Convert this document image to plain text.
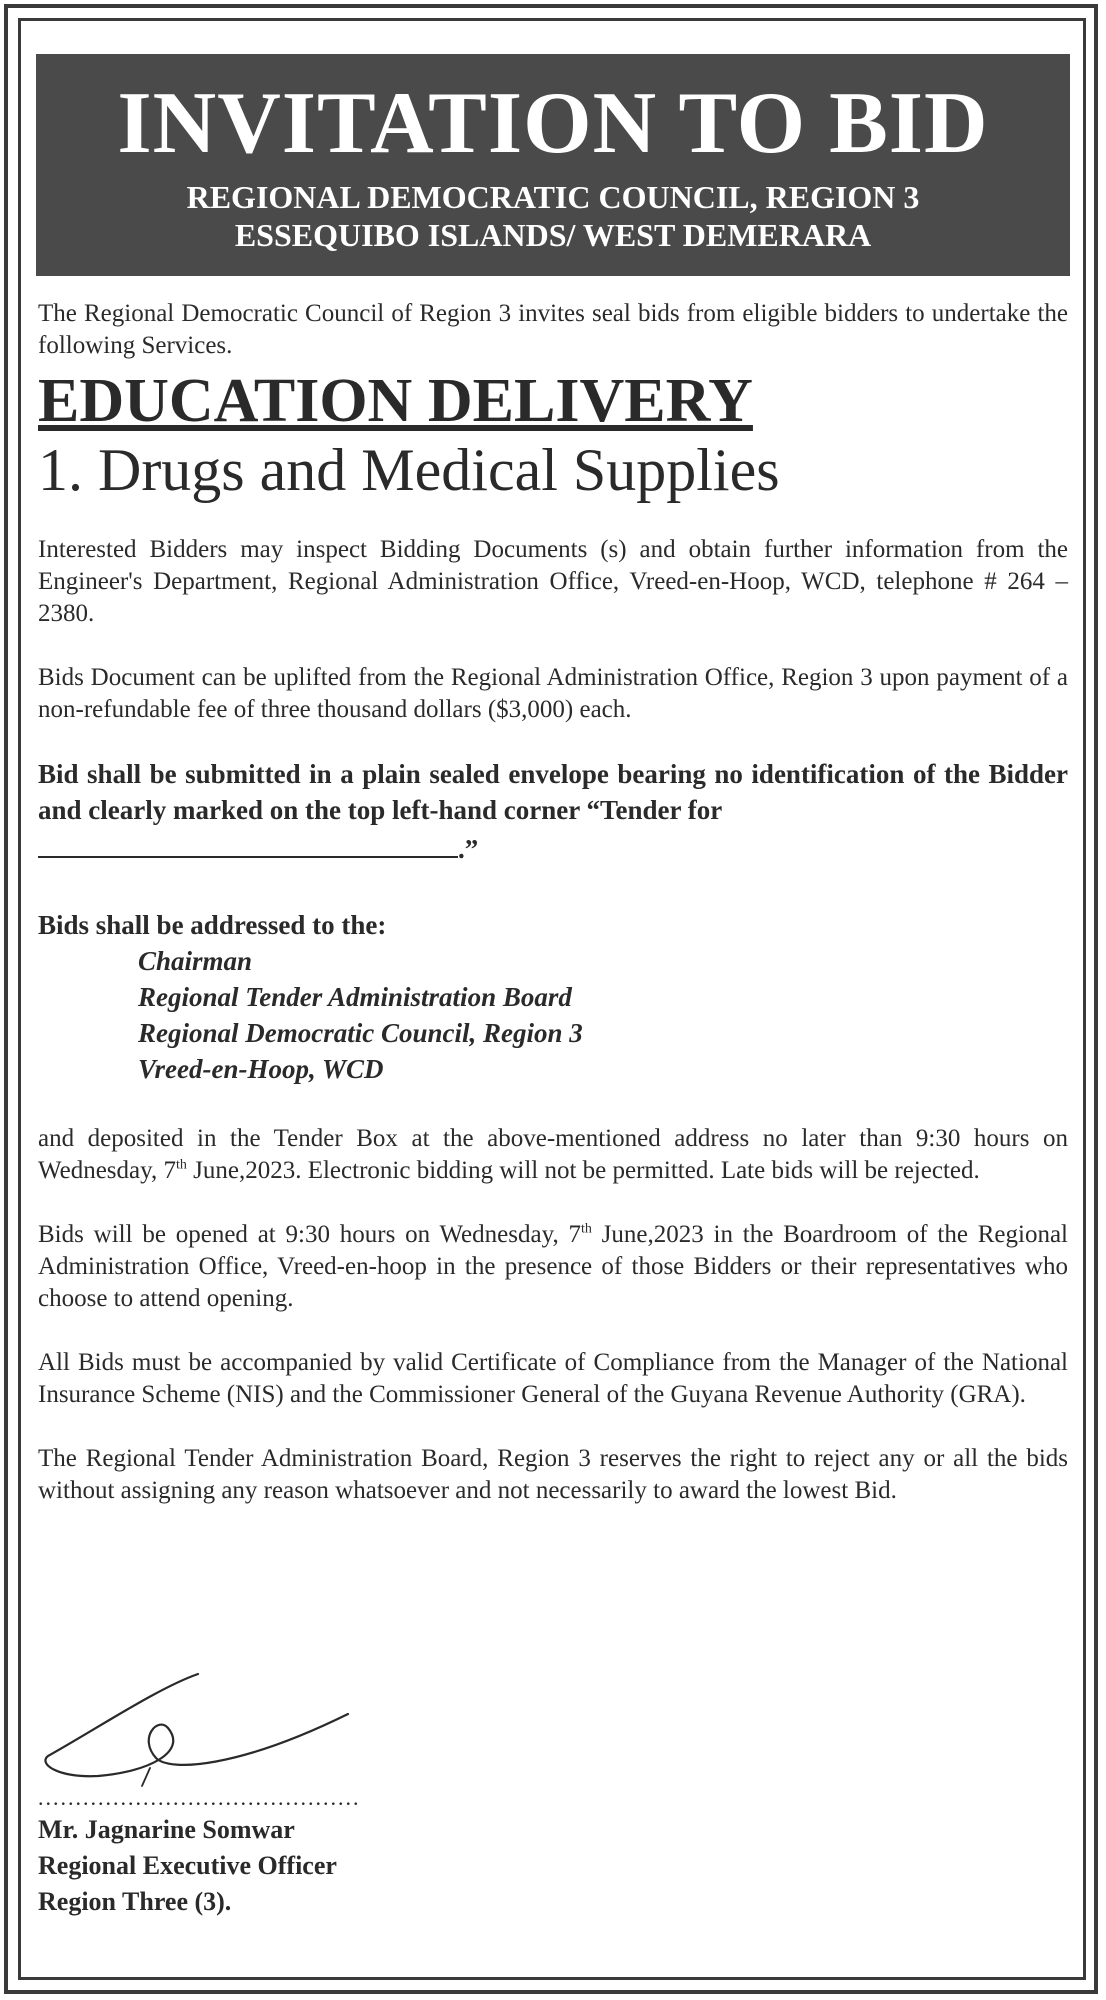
INVITATION TO BID
REGIONAL DEMOCRATIC COUNCIL, REGION 3
ESSEQUIBO ISLANDS/ WEST DEMERARA

The Regional Democratic Council of Region 3 invites seal bids from eligible bidders to undertake the following Services.

EDUCATION DELIVERY
1. Drugs and Medical Supplies

Interested Bidders may inspect Bidding Documents (s) and obtain further information from the Engineer's Department, Regional Administration Office, Vreed-en-Hoop, WCD, telephone # 264 – 2380.

Bids Document can be uplifted from the Regional Administration Office, Region 3 upon payment of a non-refundable fee of three thousand dollars ($3,000) each.

Bid shall be submitted in a plain sealed envelope bearing no identification of the Bidder and clearly marked on the top left-hand corner “Tender for
.”

Bids shall be addressed to the:

Chairman

Regional Tender Administration Board

Regional Democratic Council, Region 3

Vreed-en-Hoop, WCD

and deposited in the Tender Box at the above-mentioned address no later than 9:30 hours on Wednesday, 7th June,2023. Electronic bidding will not be permitted. Late bids will be rejected.

Bids will be opened at 9:30 hours on Wednesday, 7th June,2023 in the Boardroom of the Regional Administration Office, Vreed-en-hoop in the presence of those Bidders or their representatives who choose to attend opening.

All Bids must be accompanied by valid Certificate of Compliance from the Manager of the National Insurance Scheme (NIS) and the Commissioner General of the Guyana Revenue Authority (GRA).

The Regional Tender Administration Board, Region 3 reserves the right to reject any or all the bids without assigning any reason whatsoever and not necessarily to award the lowest Bid.

...........................................
Mr. Jagnarine Somwar
Regional Executive Officer
Region Three (3).
